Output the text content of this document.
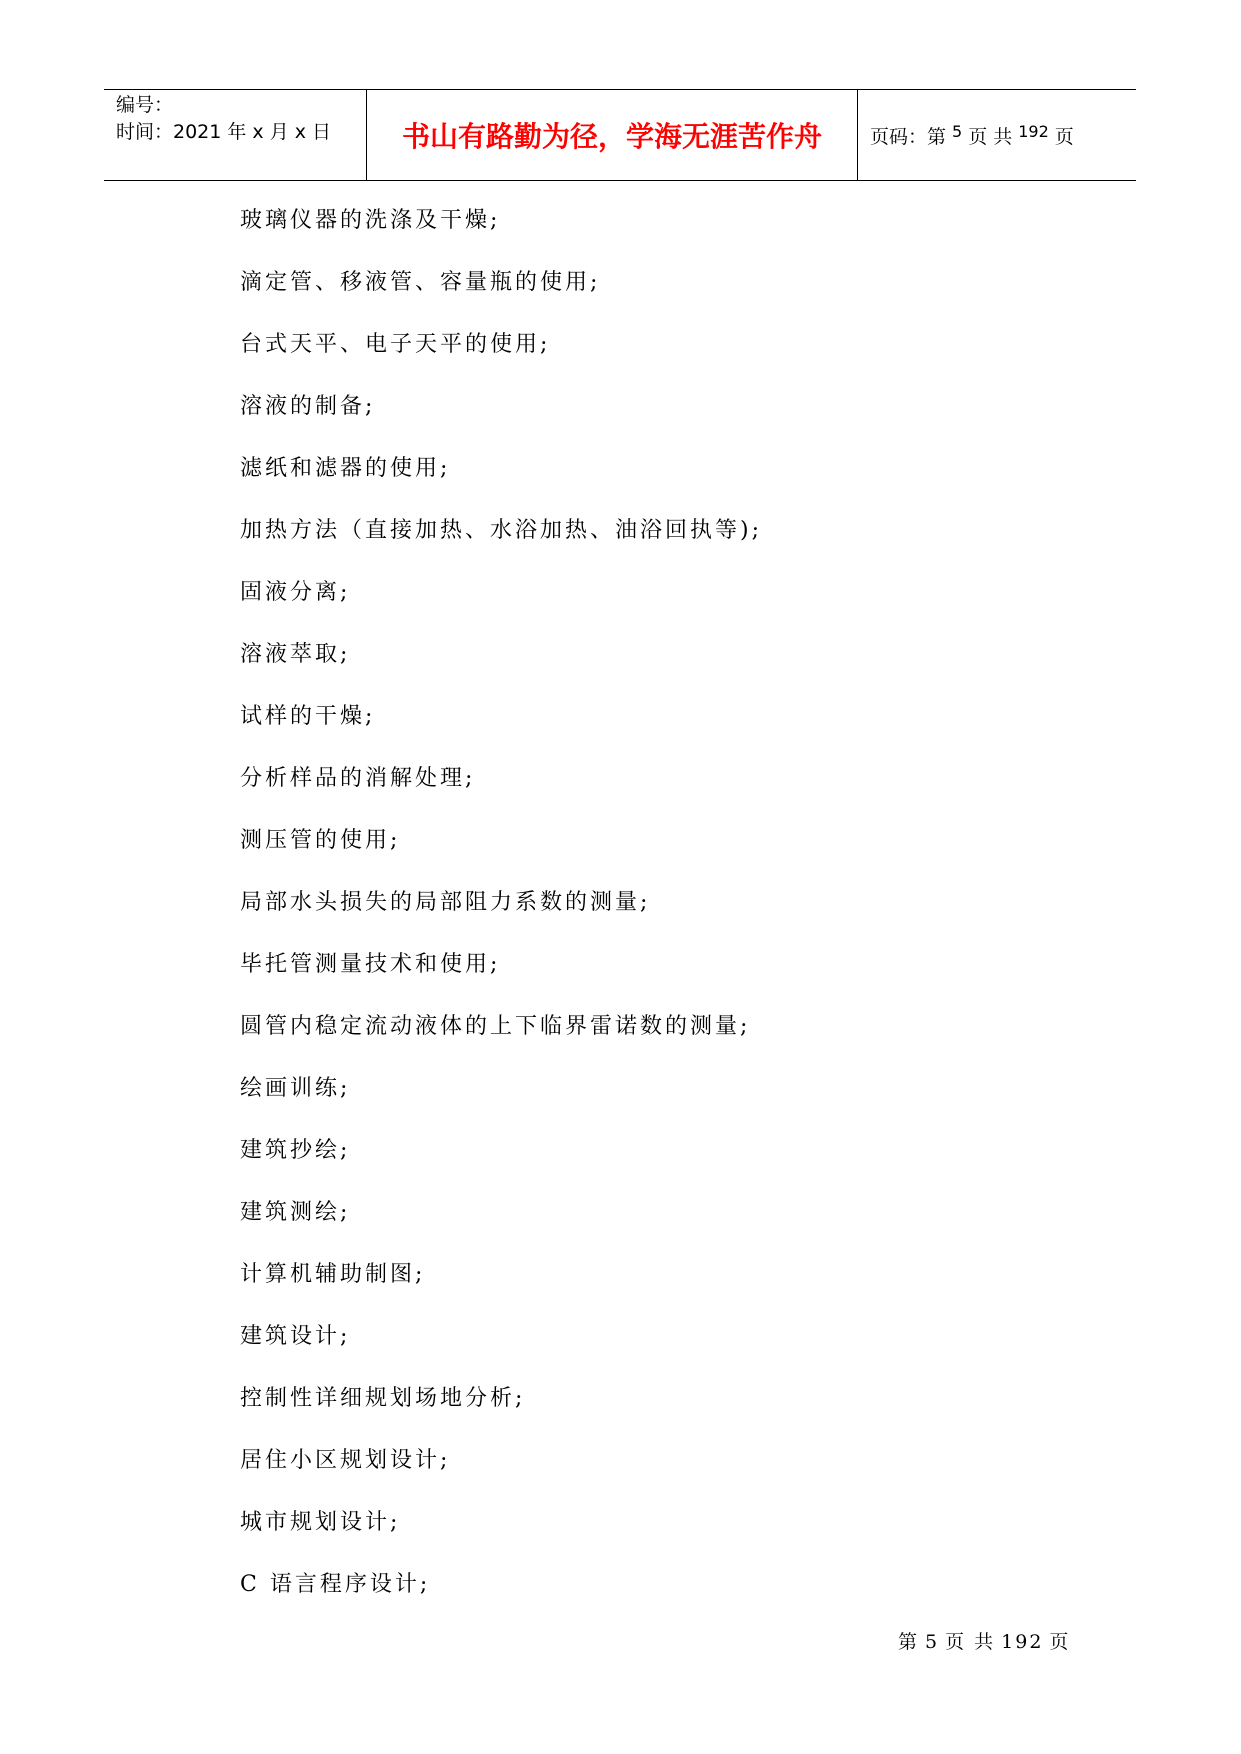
编号：
时间：2021 年 x 月 x 日	书山有路勤为径，学海无涯苦作舟	页码：第 5 页 共 192 页
玻璃仪器的洗涤及干燥;
滴定管、移液管、容量瓶的使用;
台式天平、电子天平的使用;
溶液的制备;
滤纸和滤器的使用;
加热方法（直接加热、水浴加热、油浴回执等);
固液分离;
溶液萃取;
试样的干燥;
分析样品的消解处理;
测压管的使用;
局部水头损失的局部阻力系数的测量;
毕托管测量技术和使用;
圆管内稳定流动液体的上下临界雷诺数的测量;
绘画训练;
建筑抄绘;
建筑测绘;
计算机辅助制图;
建筑设计;
控制性详细规划场地分析;
居住小区规划设计;
城市规划设计;
C 语言程序设计;
第 5 页 共 192 页
